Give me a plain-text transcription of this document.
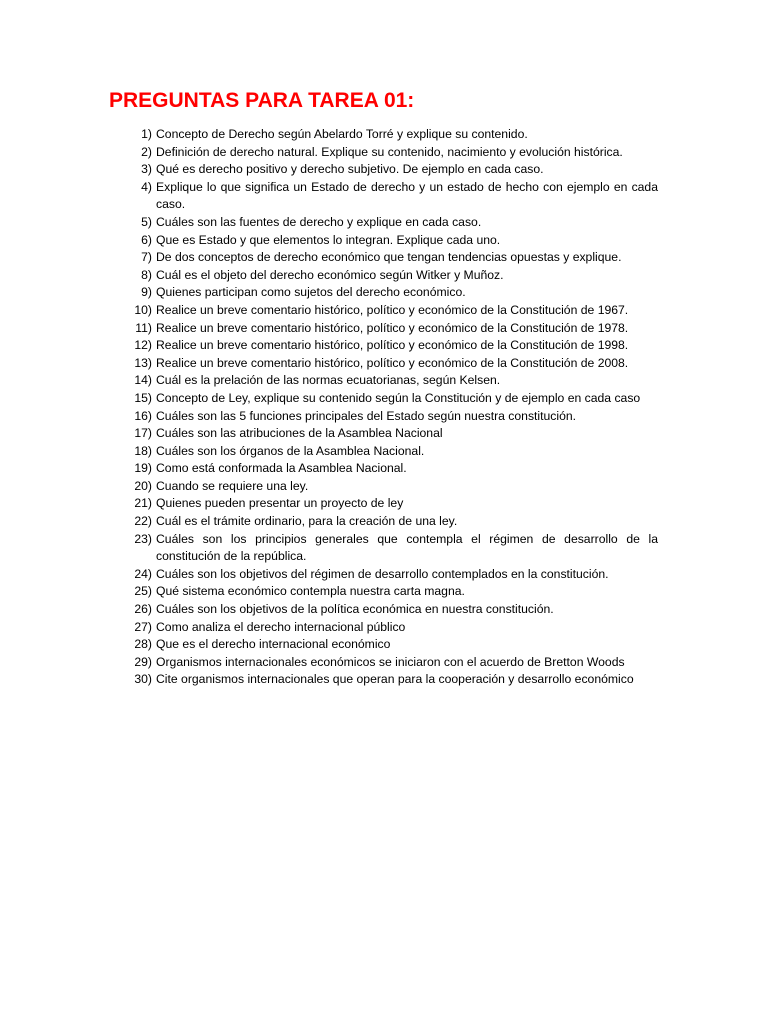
PREGUNTAS PARA TAREA 01:
1) Concepto de Derecho según Abelardo Torré y explique su contenido.
2) Definición de derecho natural. Explique su contenido, nacimiento y evolución histórica.
3) Qué es derecho positivo y derecho subjetivo. De ejemplo en cada caso.
4) Explique lo que significa un Estado de derecho y un estado de hecho con ejemplo en cada caso.
5) Cuáles son las fuentes de derecho y explique en cada caso.
6) Que es Estado y que elementos lo integran. Explique cada uno.
7) De dos conceptos de derecho económico que tengan tendencias opuestas y explique.
8) Cuál es el objeto del derecho económico según Witker y Muñoz.
9) Quienes participan como sujetos del derecho económico.
10) Realice un breve comentario histórico, político y económico de la Constitución de 1967.
11) Realice un breve comentario histórico, político y económico de la Constitución de 1978.
12) Realice un breve comentario histórico, político y económico de la Constitución de 1998.
13) Realice un breve comentario histórico, político y económico de la Constitución de 2008.
14) Cuál es la prelación de las normas ecuatorianas, según Kelsen.
15) Concepto de Ley, explique su contenido según la Constitución y de ejemplo en cada caso
16) Cuáles son las 5 funciones principales del Estado según nuestra constitución.
17) Cuáles son las atribuciones de la Asamblea Nacional
18) Cuáles son los órganos de la Asamblea Nacional.
19) Como está conformada la Asamblea Nacional.
20) Cuando se requiere una ley.
21) Quienes pueden presentar un proyecto de ley
22) Cuál es el trámite ordinario, para la creación de una ley.
23) Cuáles son los principios generales que contempla el régimen de desarrollo de la constitución de la república.
24) Cuáles son los objetivos del régimen de desarrollo contemplados en la constitución.
25) Qué sistema económico contempla nuestra carta magna.
26) Cuáles son los objetivos de la política económica en nuestra constitución.
27) Como analiza el derecho internacional público
28) Que es el derecho internacional económico
29) Organismos internacionales económicos se iniciaron con el acuerdo de Bretton Woods
30) Cite organismos internacionales que operan para la cooperación y desarrollo económico
